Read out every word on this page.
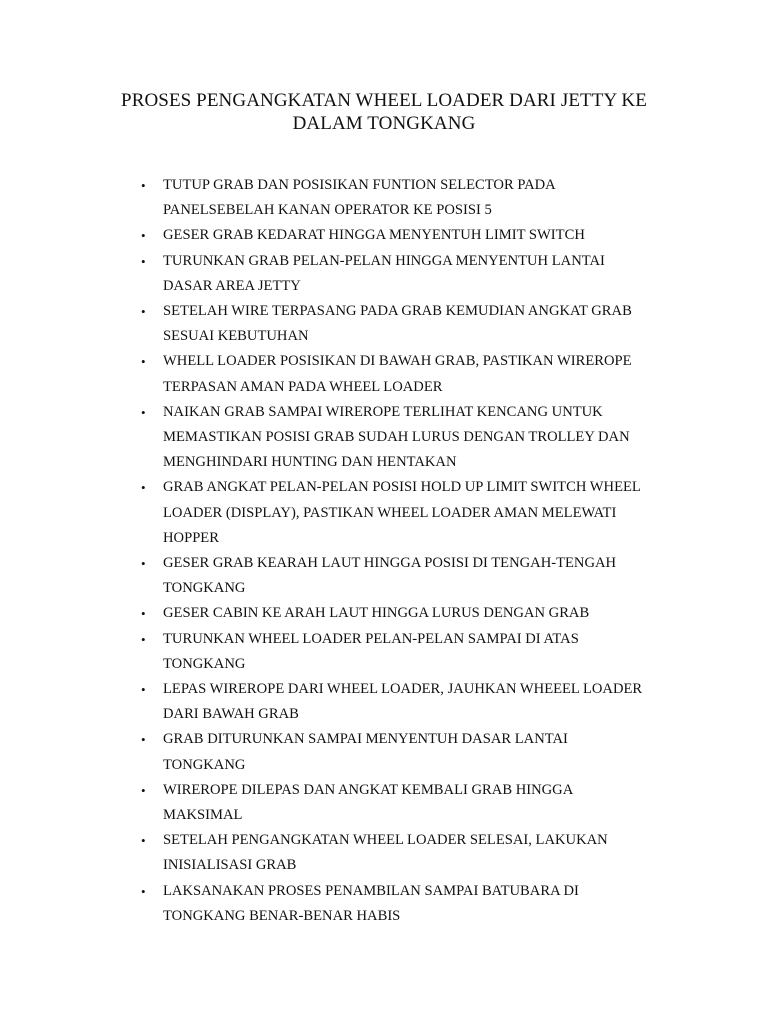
PROSES PENGANGKATAN WHEEL LOADER DARI JETTY KE
DALAM TONGKANG
• TUTUP GRAB DAN POSISIKAN FUNTION SELECTOR PADA
PANELSEBELAH KANAN OPERATOR KE POSISI 5
• GESER GRAB KEDARAT HINGGA MENYENTUH LIMIT SWITCH
• TURUNKAN GRAB PELAN-PELAN HINGGA MENYENTUH LANTAI
DASAR AREA JETTY
• SETELAH WIRE TERPASANG PADA GRAB KEMUDIAN ANGKAT GRAB
SESUAI KEBUTUHAN
• WHELL LOADER POSISIKAN DI BAWAH GRAB, PASTIKAN WIREROPE
TERPASAN AMAN PADA WHEEL LOADER
• NAIKAN GRAB SAMPAI WIREROPE TERLIHAT KENCANG UNTUK
MEMASTIKAN POSISI GRAB SUDAH LURUS DENGAN TROLLEY DAN
MENGHINDARI HUNTING DAN HENTAKAN
• GRAB ANGKAT PELAN-PELAN POSISI HOLD UP LIMIT SWITCH WHEEL
LOADER (DISPLAY), PASTIKAN WHEEL LOADER AMAN MELEWATI
HOPPER
• GESER GRAB KEARAH LAUT HINGGA POSISI DI TENGAH-TENGAH
TONGKANG
• GESER CABIN KE ARAH LAUT HINGGA LURUS DENGAN GRAB
• TURUNKAN WHEEL LOADER PELAN-PELAN SAMPAI DI ATAS
TONGKANG
• LEPAS WIREROPE DARI WHEEL LOADER, JAUHKAN WHEEEL LOADER
DARI BAWAH GRAB
• GRAB DITURUNKAN SAMPAI MENYENTUH DASAR LANTAI
TONGKANG
• WIREROPE DILEPAS DAN ANGKAT KEMBALI GRAB HINGGA
MAKSIMAL
• SETELAH PENGANGKATAN WHEEL LOADER SELESAI, LAKUKAN
INISIALISASI GRAB
• LAKSANAKAN PROSES PENAMBILAN SAMPAI BATUBARA DI
TONGKANG BENAR-BENAR HABIS
